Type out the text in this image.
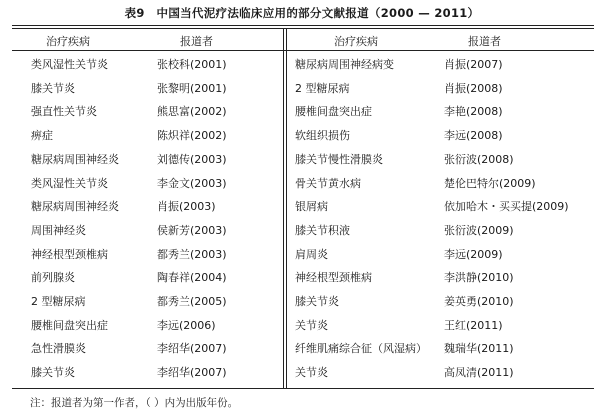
表9　中国当代泥疗法临床应用的部分文献报道（2000 — 2011）
治疗疾病	报道者	治疗疾病	报道者
类风湿性关节炎	张校科(2001)	糖尿病周围神经病变	肖振(2007)
膝关节炎	张黎明(2001)	2 型糖尿病	肖振(2008)
强直性关节炎	熊思富(2002)	腰椎间盘突出症	李艳(2008)
痹症	陈炽祥(2002)	软组织损伤	李远(2008)
糖尿病周围神经炎	刘德传(2003)	膝关节慢性滑膜炎	张衍波(2008)
类风湿性关节炎	李金文(2003)	骨关节黄水病	楚伦巴特尔(2009)
糖尿病周围神经炎	肖振(2003)	银屑病	依加哈木・买买提(2009)
周围神经炎	侯新芳(2003)	膝关节积液	张衍波(2009)
神经根型颈椎病	都秀兰(2003)	肩周炎	李远(2009)
前列腺炎	陶春祥(2004)	神经根型颈椎病	李洪静(2010)
2 型糖尿病	都秀兰(2005)	膝关节炎	姜英勇(2010)
腰椎间盘突出症	李远(2006)	关节炎	王红(2011)
急性滑膜炎	李绍华(2007)	纤维肌痛综合征（风湿病） 魏瑞华(2011)
膝关节炎	李绍华(2007)	关节炎	高凤清(2011)
注：报道者为第一作者，（ ）内为出版年份。
